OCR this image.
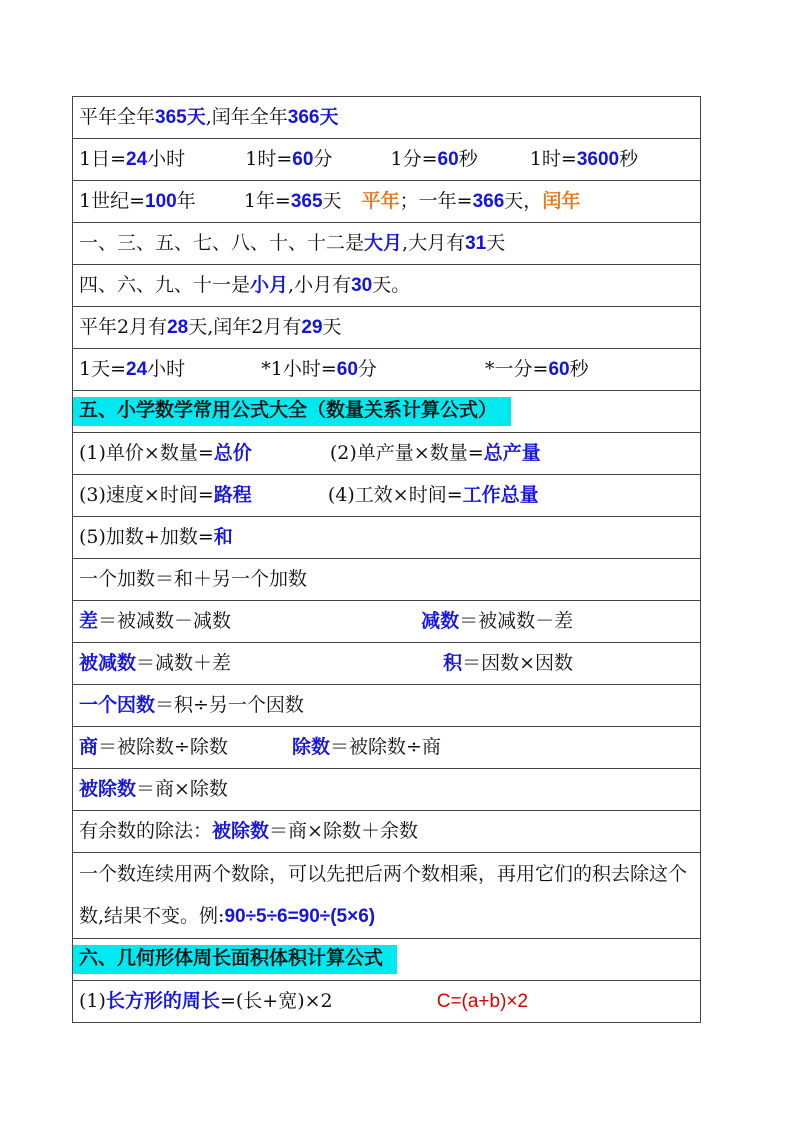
平年全年365天,闰年全年366天
1日=24小时	1时=60分	1分=60秒	1时=3600秒
1世纪=100年	1年=365天 平年；一年=366天，闰年
一、三、五、七、八、十、十二是大月,大月有31天
四、六、九、十一是小月,小月有30天。
平年2月有28天,闰年2月有29天
1天=24小时	*1小时=60分	*一分=60秒
五、小学数学常用公式大全（数量关系计算公式）
(1)单价×数量=总价	(2)单产量×数量=总产量
(3)速度×时间=路程	(4)工效×时间=工作总量
(5)加数+加数=和
一个加数＝和＋另一个加数
差＝被减数－减数	减数＝被减数－差
被减数＝减数＋差	积＝因数×因数
一个因数＝积÷另一个因数
商＝被除数÷除数	除数＝被除数÷商
被除数＝商×除数
有余数的除法：被除数＝商×除数＋余数
一个数连续用两个数除，可以先把后两个数相乘，再用它们的积去除这个数,结果不变。例:90÷5÷6=90÷(5×6)
六、几何形体周长面积体积计算公式
(1)长方形的周长=(长+宽)×2	C=(a+b)×2
